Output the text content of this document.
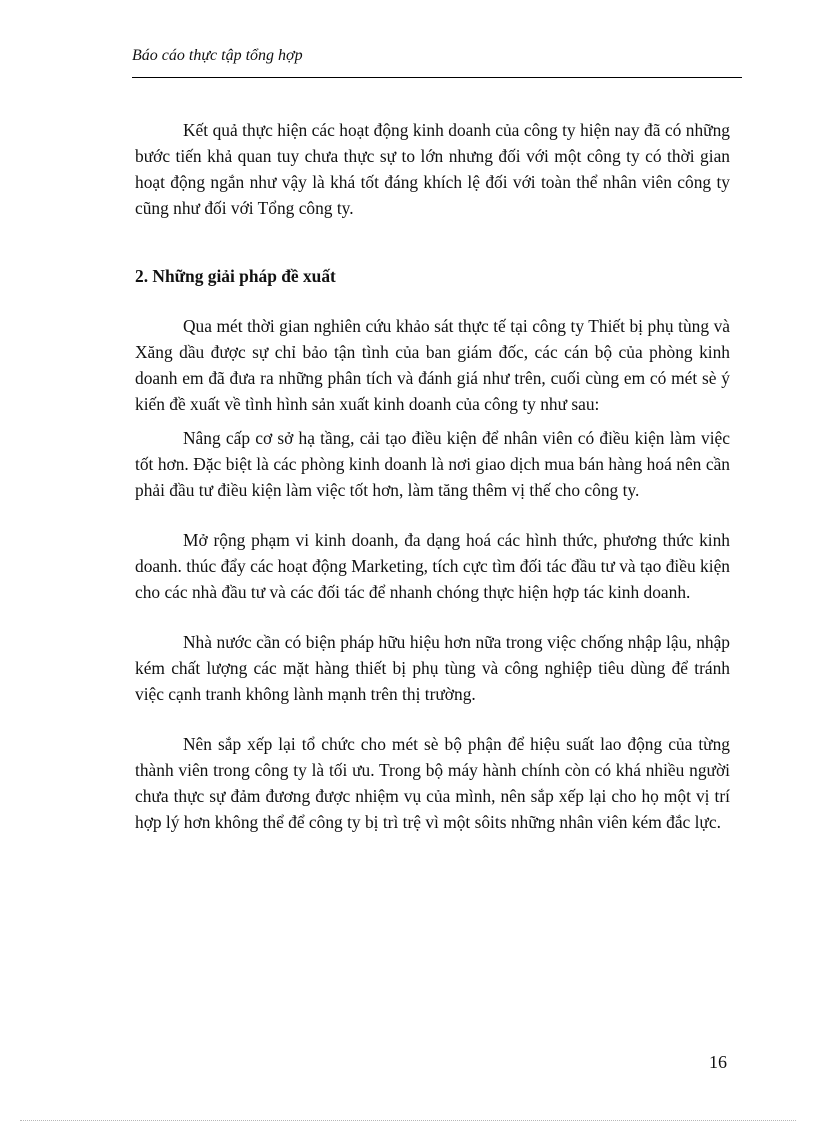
Báo cáo thực tập tổng hợp

Kết quả thực hiện các hoạt động kinh doanh của công ty hiện nay đã có những bước tiến khả quan tuy chưa thực sự to lớn nhưng đối với một công ty có thời gian hoạt động ngắn như vậy là khá tốt đáng khích lệ đối với toàn thể nhân viên công ty cũng như đối với Tổng công ty.

2. Những giải pháp đề xuất

Qua mét thời gian nghiên cứu khảo sát thực tế tại công ty Thiết bị phụ tùng và Xăng dầu được sự chỉ bảo tận tình của ban giám đốc, các cán bộ của phòng kinh doanh em đã đưa ra những phân tích và đánh giá như trên, cuối cùng em có mét sè ý kiến đề xuất về tình hình sản xuất kinh doanh của công ty như sau:

Nâng cấp cơ sở hạ tầng, cải tạo điều kiện để nhân viên có điều kiện làm việc tốt hơn. Đặc biệt là các phòng kinh doanh là nơi giao dịch mua bán hàng hoá nên cần phải đầu tư điều kiện làm việc tốt hơn, làm tăng thêm vị thế cho công ty.

Mở rộng phạm vi kinh doanh, đa dạng hoá các hình thức, phương thức kinh doanh. thúc đẩy các hoạt động Marketing, tích cực tìm đối tác đầu tư và tạo điều kiện cho các nhà đầu tư và các đối tác để nhanh chóng thực hiện hợp tác kinh doanh.

Nhà nước cần có biện pháp hữu hiệu hơn nữa trong việc chống nhập lậu, nhập kém chất lượng các mặt hàng thiết bị phụ tùng và công nghiệp tiêu dùng để tránh việc cạnh tranh không lành mạnh trên thị trường.

Nên sắp xếp lại tổ chức cho mét sè bộ phận để hiệu suất lao động của từng thành viên trong công ty là tối ưu. Trong bộ máy hành chính còn có khá nhiều người chưa thực sự đảm đương được nhiệm vụ của mình, nên sắp xếp lại cho họ một vị trí hợp lý hơn không thể để công ty bị trì trệ vì một sôits những nhân viên kém đắc lực.

16
